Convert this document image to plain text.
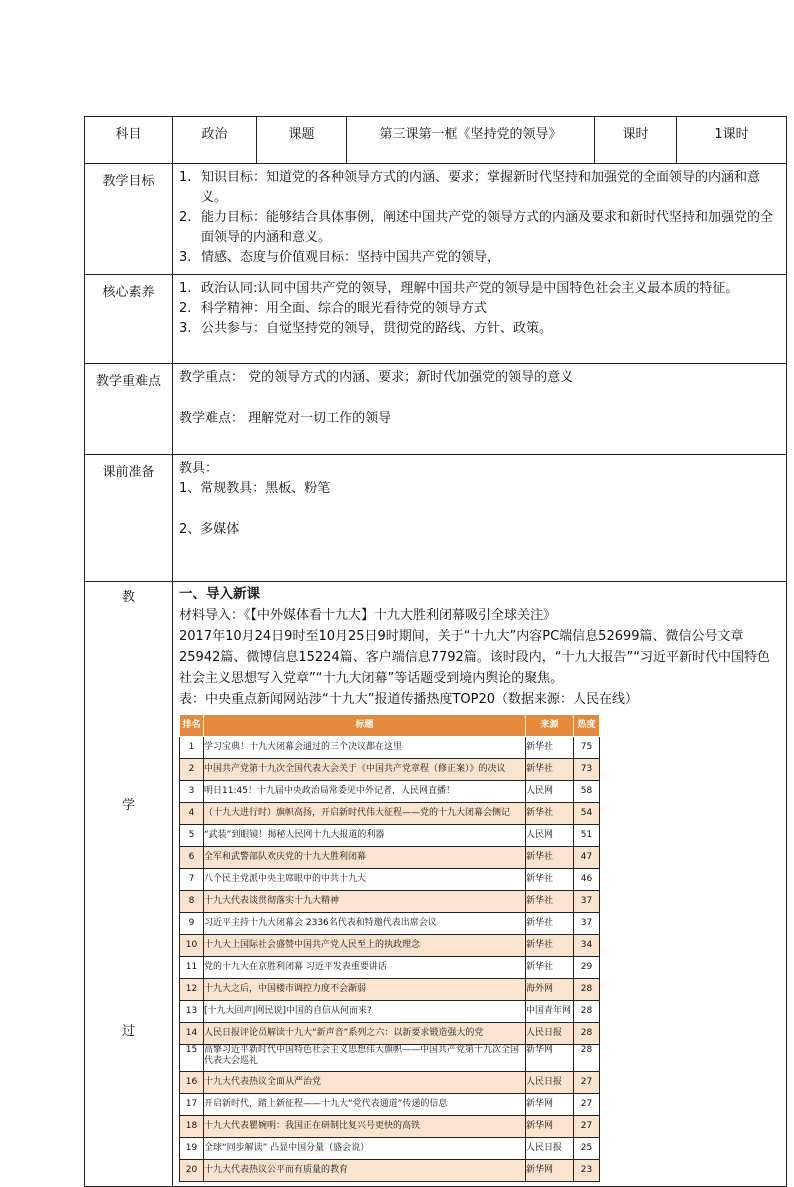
科目	政治	课题	第三课第一框《坚持党的领导》	课时	1课时
教学目标	1. 知识目标：知道党的各种领导方式的内涵、要求；掌握新时代坚持和加强党的全面领导的内涵和意义。
2. 能力目标：能够结合具体事例，阐述中国共产党的领导方式的内涵及要求和新时代坚持和加强党的全面领导的内涵和意义。
3. 情感、态度与价值观目标：坚持中国共产党的领导，

核心素养	1. 政治认同:认同中国共产党的领导，理解中国共产党的领导是中国特色社会主义最本质的特征。
2. 科学精神：用全面、综合的眼光看待党的领导方式
3. 公共参与：自觉坚持党的领导，贯彻党的路线、方针、政策。

教学重难点	教学重点： 党的领导方式的内涵、要求；新时代加强党的领导的意义
教学难点： 理解党对一切工作的领导

课前准备	教具：
1、常规教具：黑板、粉笔
2、多媒体

教
学
过

一、导入新课
材料导入：《【中外媒体看十九大】十九大胜利闭幕吸引全球关注》
2017年10月24日9时至10月25日9时期间，关于“十九大”内容PC端信息52699篇、微信公号文章25942篇、微博信息15224篇、客户端信息7792篇。该时段内，“十九大报告”“习近平新时代中国特色社会主义思想写入党章”“十九大闭幕”等话题受到境内舆论的聚焦。
表：中央重点新闻网站涉“十九大”报道传播热度TOP20（数据来源：人民在线）
排名	标题	来源	热度
1	学习宝典！十九大闭幕会通过的三个决议都在这里	新华社	75
2	中国共产党第十九次全国代表大会关于《中国共产党章程（修正案）》的决议	新华社	73
3	明日11:45！十九届中央政治局常委见中外记者，人民网直播！	人民网	58
4	（十九大进行时）旗帜高扬，开启新时代伟大征程——党的十九大闭幕会侧记	新华社	54
5	“武装”到眼镜！揭秘人民网十九大报道的利器	人民网	51
6	全军和武警部队欢庆党的十九大胜利闭幕	新华社	47
7	八个民主党派中央主席眼中的中共十九大	新华社	46
8	十九大代表谈贯彻落实十九大精神	新华社	37
9	习近平主持十九大闭幕会 2336名代表和特邀代表出席会议	新华社	37
10	十九大上国际社会盛赞中国共产党人民至上的执政理念	新华社	34
11	党的十九大在京胜利闭幕 习近平发表重要讲话	新华社	29
12	十九大之后，中国楼市调控力度不会渐弱	海外网	28
13	[十九大回声|网民说]中国的自信从何而来?	中国青年网	28
14	人民日报评论员解读十九大“新声音”系列之六：以新要求锻造强大的党	人民日报	28
15	高擎习近平新时代中国特色社会主义思想伟大旗帜——中国共产党第十九次全国代表大会巡礼	新华网	28
16	十九大代表热议全面从严治党	人民日报	27
17	开启新时代，踏上新征程——十九大“党代表通道”传递的信息	新华网	27
18	十九大代表瞿婉明：我国正在研制比复兴号更快的高铁	新华网	27
19	全球“同步解读” 凸显中国分量（盛会说）	人民日报	25
20	十九大代表热议公平而有质量的教育	新华网	23
